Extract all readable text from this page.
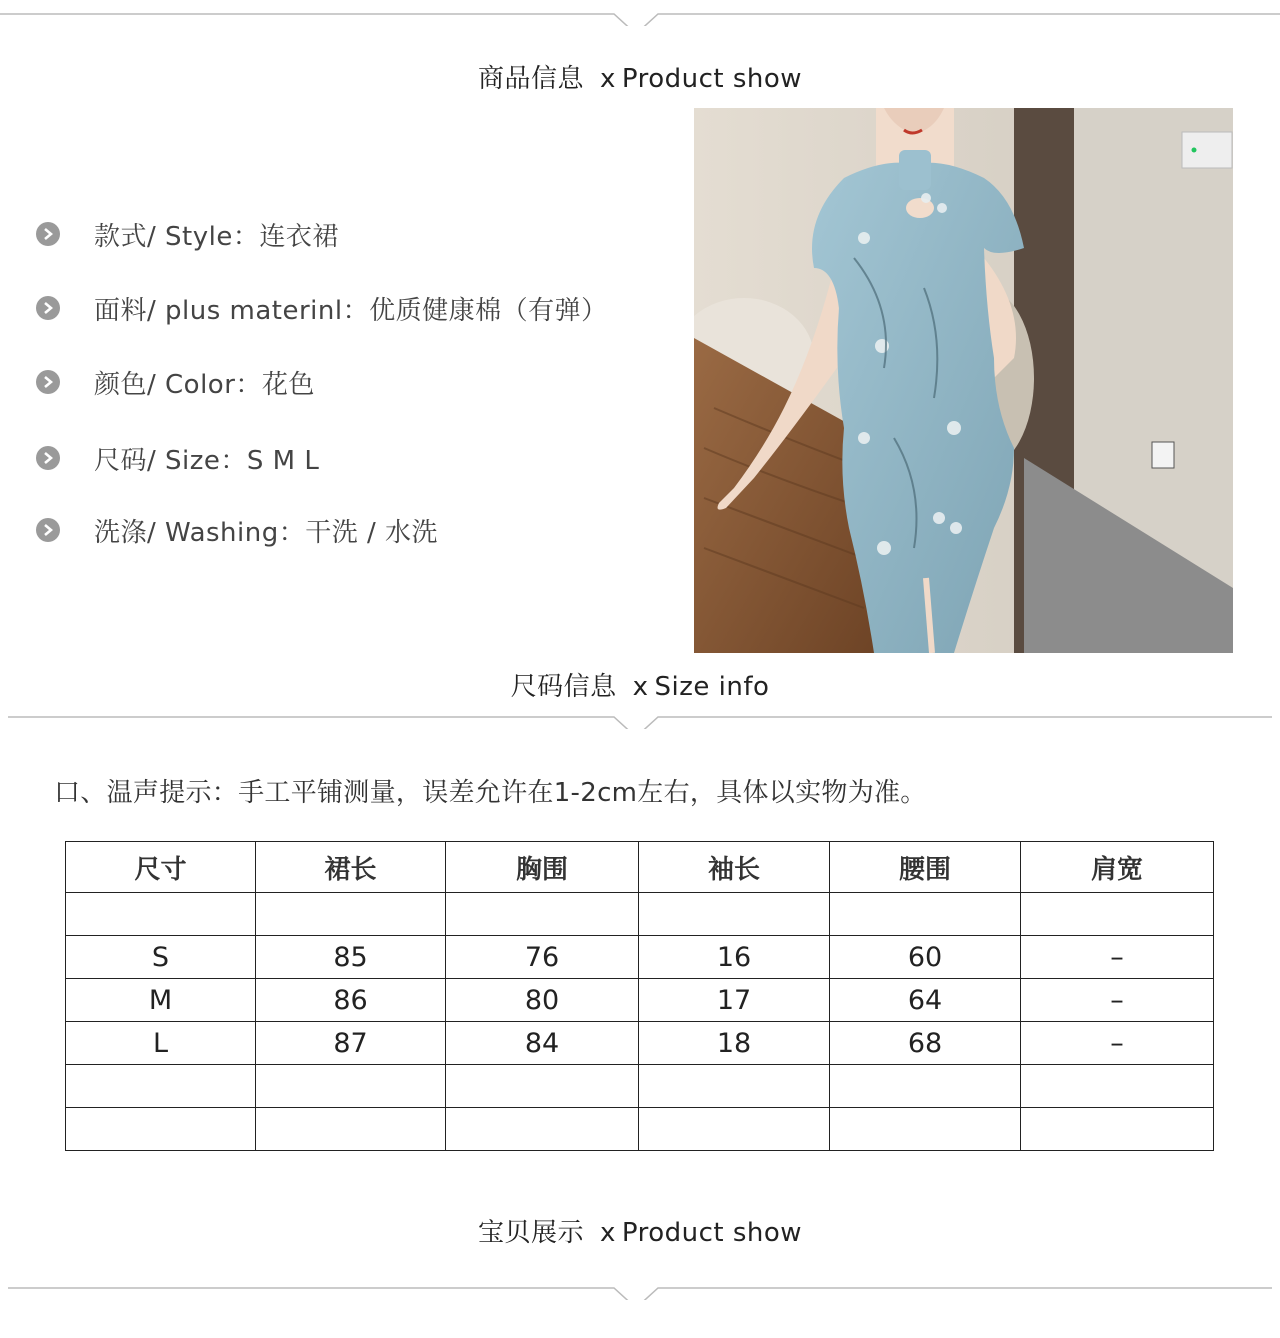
商品信息 x Product show
款式/ Style：连衣裙
面料/ plus materinl：优质健康棉（有弹）
颜色/ Color：花色
尺码/ Size：S M L
洗涤/ Washing：干洗 / 水洗
尺码信息 x Size info
口、温声提示：手工平铺测量，误差允许在1-2cm左右，具体以实物为准。
尺寸	裙长	胸围	袖长	腰围	肩宽

S	85	76	16	60	–
M	86	80	17	64	–
L	87	84	18	68	–

宝贝展示 x Product show
